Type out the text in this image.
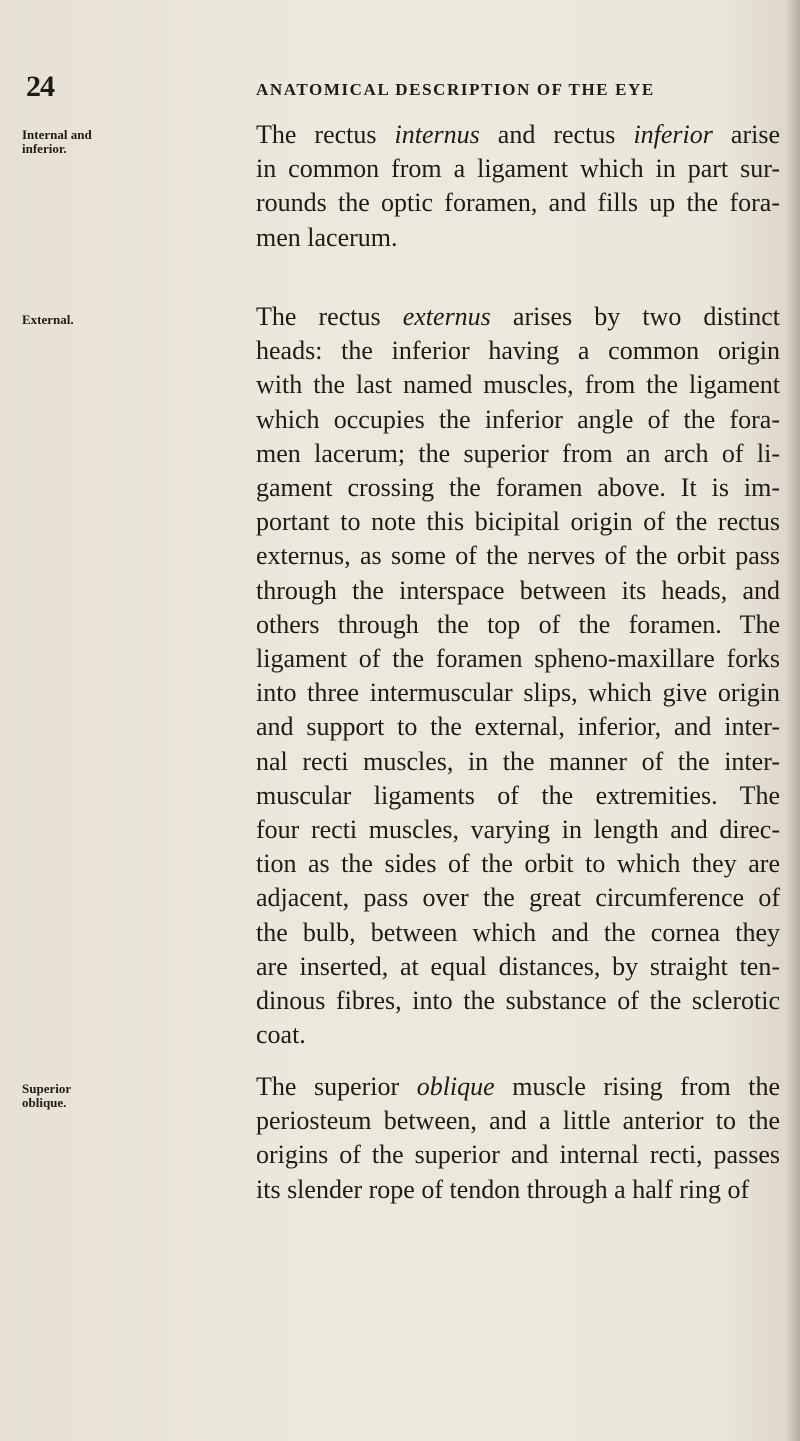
24	ANATOMICAL DESCRIPTION OF THE EYE
Internal and
inferior.	The rectus internus and rectus inferior arise
in common from a ligament which in part sur-
rounds the optic foramen, and fills up the fora-
men lacerum.
External.	The rectus externus arises by two distinct
heads: the inferior having a common origin
with the last named muscles, from the ligament
which occupies the inferior angle of the fora-
men lacerum; the superior from an arch of li-
gament crossing the foramen above. It is im-
portant to note this bicipital origin of the rectus
externus, as some of the nerves of the orbit pass
through the interspace between its heads, and
others through the top of the foramen. The
ligament of the foramen spheno-maxillare forks
into three intermuscular slips, which give origin
and support to the external, inferior, and inter-
nal recti muscles, in the manner of the inter-
muscular ligaments of the extremities. The
four recti muscles, varying in length and direc-
tion as the sides of the orbit to which they are
adjacent, pass over the great circumference of
the bulb, between which and the cornea they
are inserted, at equal distances, by straight ten-
dinous fibres, into the substance of the sclerotic
coat.
Superior
oblique.
The superior oblique muscle rising from the
periosteum between, and a little anterior to the
origins of the superior and internal recti, passes
its slender rope of tendon through a half ring of
